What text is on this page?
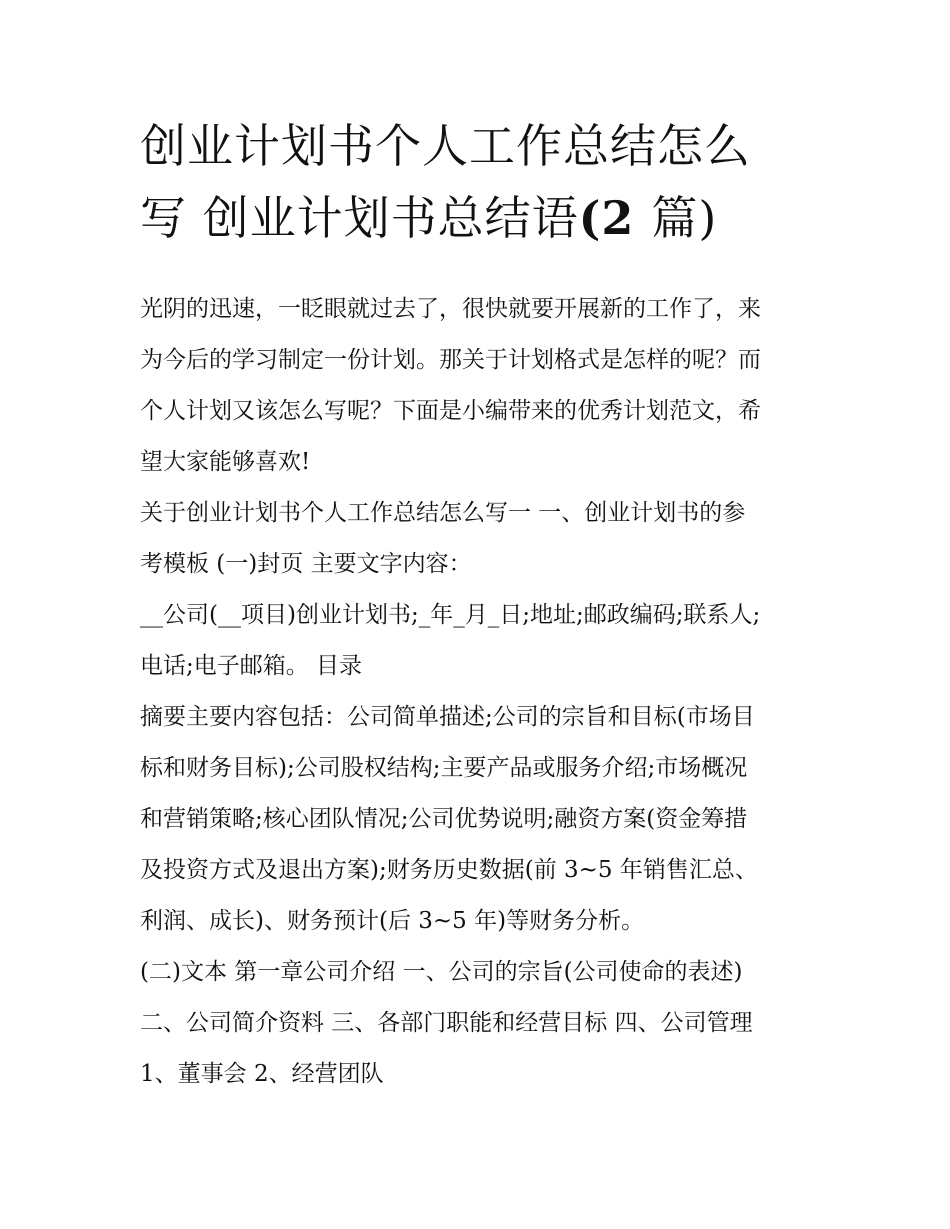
创业计划书个人工作总结怎么
写 创业计划书总结语(2 篇)

光阴的迅速，一眨眼就过去了，很快就要开展新的工作了，来
为今后的学习制定一份计划。那关于计划格式是怎样的呢？而
个人计划又该怎么写呢？下面是小编带来的优秀计划范文，希
望大家能够喜欢!

关于创业计划书个人工作总结怎么写一 一、创业计划书的参
考模板 (一)封页 主要文字内容：

__公司(__项目)创业计划书;_年_月_日;地址;邮政编码;联系人;
电话;电子邮箱。 目录

摘要主要内容包括：公司简单描述;公司的宗旨和目标(市场目
标和财务目标);公司股权结构;主要产品或服务介绍;市场概况
和营销策略;核心团队情况;公司优势说明;融资方案(资金筹措
及投资方式及退出方案);财务历史数据(前 3~5 年销售汇总、
利润、成长)、财务预计(后 3~5 年)等财务分析。

(二)文本 第一章公司介绍 一、公司的宗旨(公司使命的表述)
二、公司简介资料 三、各部门职能和经营目标 四、公司管理
1、董事会 2、经营团队
